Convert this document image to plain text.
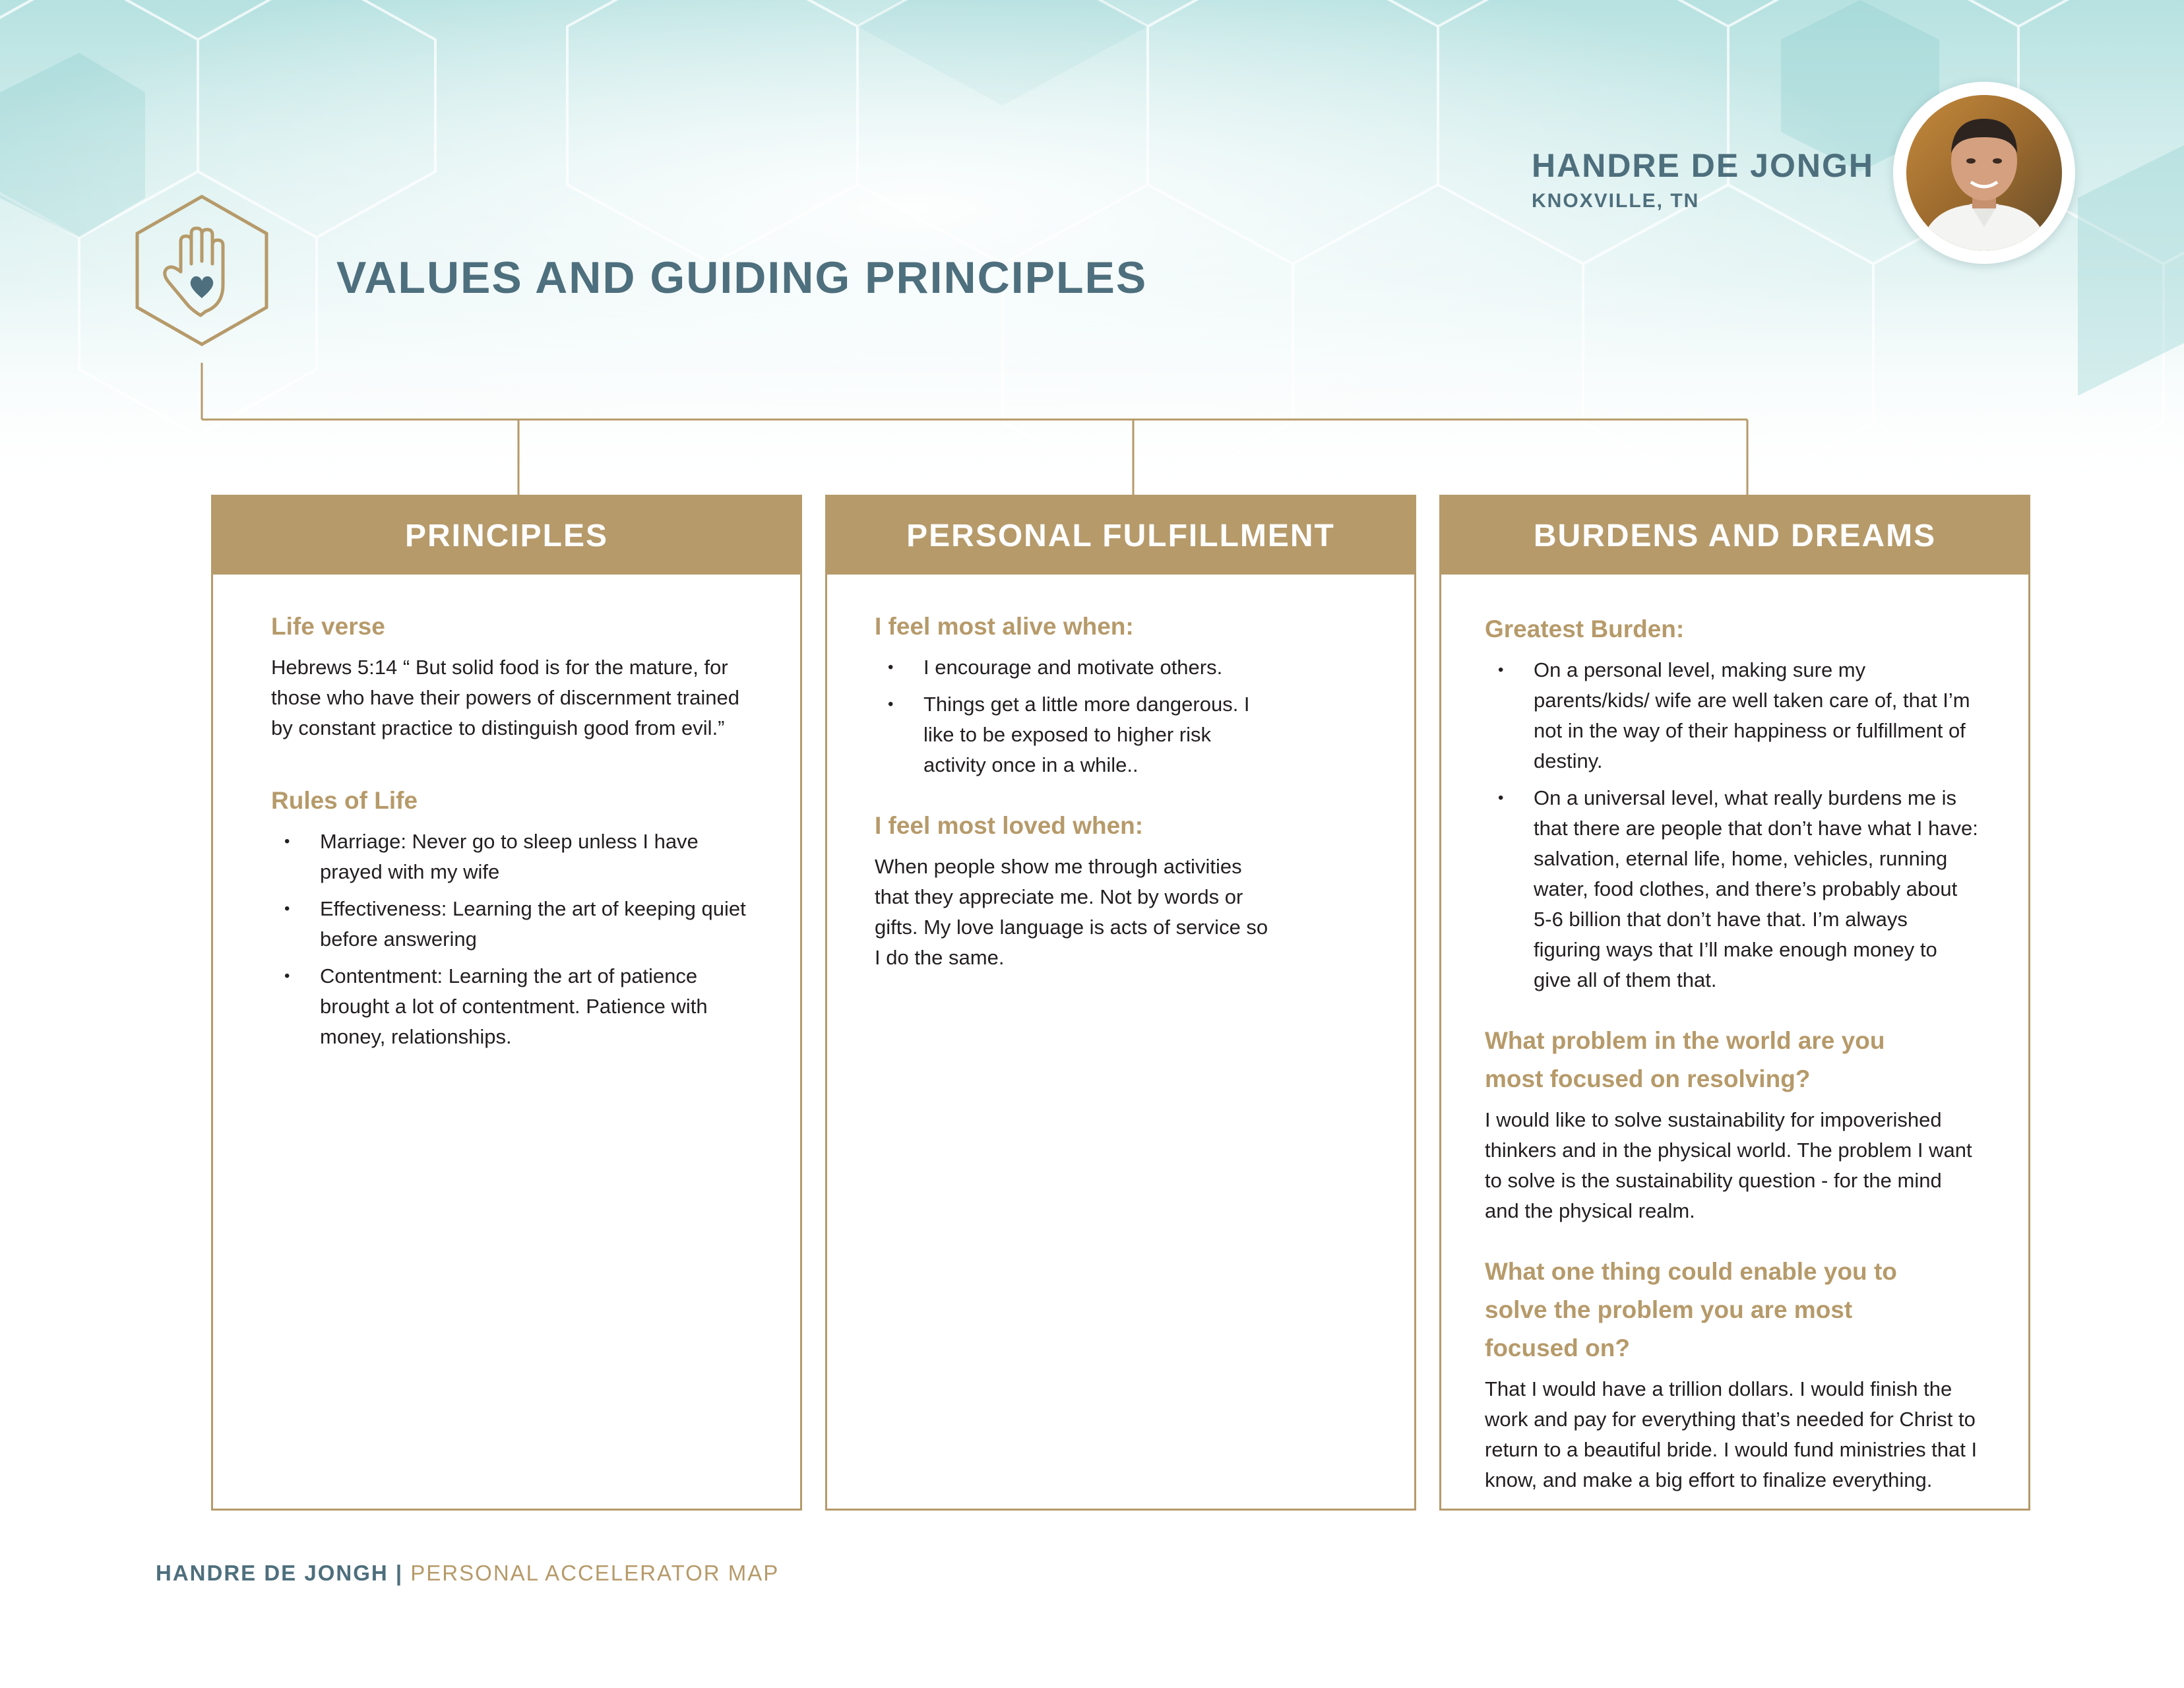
HANDRE DE JONGH
KNOXVILLE, TN
VALUES AND GUIDING PRINCIPLES
PRINCIPLES
Life verse
Hebrews 5:14 “ But solid food is for the mature, for those who have their powers of discernment trained by constant practice to distinguish good from evil.”
Rules of Life
• Marriage: Never go to sleep unless I have prayed with my wife
• Effectiveness: Learning the art of keeping quiet before answering
• Contentment: Learning the art of patience brought a lot of contentment. Patience with money, relationships.
PERSONAL FULFILLMENT
I feel most alive when:
• I encourage and motivate others.
• Things get a little more dangerous. I like to be exposed to higher risk activity once in a while..
I feel most loved when:
When people show me through activities that they appreciate me. Not by words or gifts. My love language is acts of service so I do the same.
BURDENS AND DREAMS
Greatest Burden:
• On a personal level, making sure my parents/kids/ wife are well taken care of, that I’m not in the way of their happiness or fulfillment of destiny.
• On a universal level, what really burdens me is that there are people that don’t have what I have: salvation, eternal life, home, vehicles, running water, food clothes, and there’s probably about 5-6 billion that don’t have that. I’m always figuring ways that I’ll make enough money to give all of them that.
What problem in the world are you most focused on resolving?
I would like to solve sustainability for impoverished thinkers and in the physical world. The problem I want to solve is the sustainability question - for the mind and the physical realm.
What one thing could enable you to solve the problem you are most focused on?
That I would have a trillion dollars. I would finish the work and pay for everything that’s needed for Christ to return to a beautiful bride. I would fund ministries that I know, and make a big effort to finalize everything.
HANDRE DE JONGH | PERSONAL ACCELERATOR MAP
